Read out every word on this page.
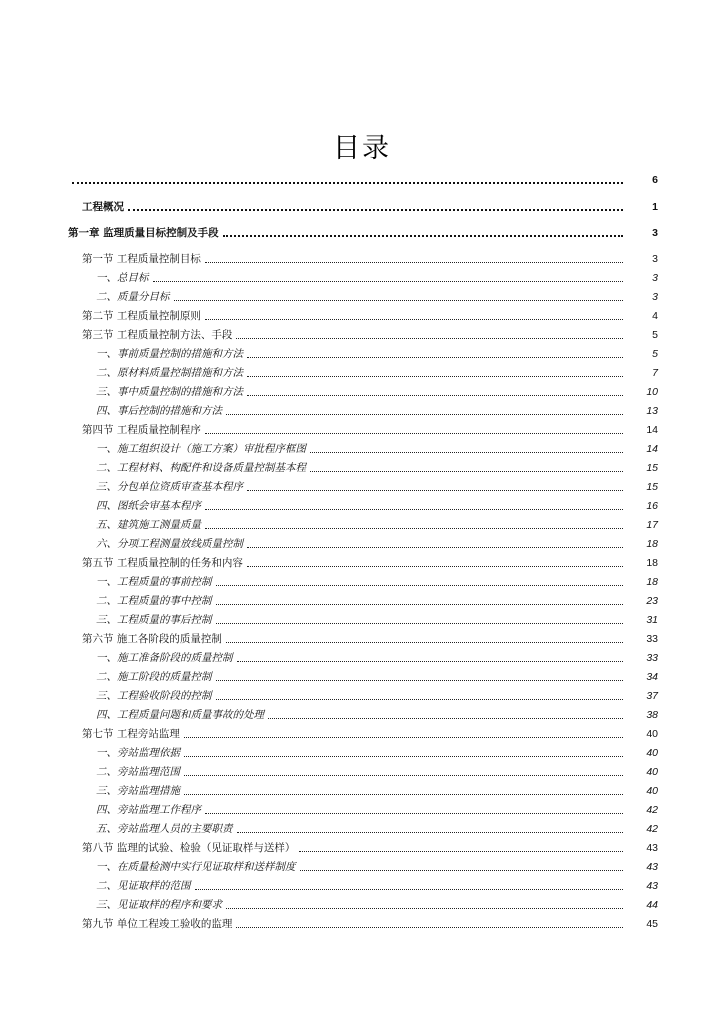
目录
6
工程概况	1
第一章 监理质量目标控制及手段	3
第一节 工程质量控制目标	3
一、总目标	3
二、质量分目标	3
第二节 工程质量控制原则	4
第三节 工程质量控制方法、手段	5
一、事前质量控制的措施和方法	5
二、原材料质量控制措施和方法	7
三、事中质量控制的措施和方法	10
四、事后控制的措施和方法	13
第四节 工程质量控制程序	14
一、施工组织设计（施工方案）审批程序框图	14
二、工程材料、构配件和设备质量控制基本程	15
三、分包单位资质审查基本程序	15
四、图纸会审基本程序	16
五、建筑施工测量质量	17
六、分项工程测量放线质量控制	18
第五节 工程质量控制的任务和内容	18
一、工程质量的事前控制	18
二、工程质量的事中控制	23
三、工程质量的事后控制	31
第六节 施工各阶段的质量控制	33
一、施工准备阶段的质量控制	33
二、施工阶段的质量控制	34
三、工程验收阶段的控制	37
四、工程质量问题和质量事故的处理	38
第七节 工程旁站监理	40
一、旁站监理依据	40
二、旁站监理范围	40
三、旁站监理措施	40
四、旁站监理工作程序	42
五、旁站监理人员的主要职责	42
第八节 监理的试验、检验（见证取样与送样）	43
一、在质量检测中实行见证取样和送样制度	43
二、见证取样的范围	43
三、见证取样的程序和要求	44
第九节 单位工程竣工验收的监理	45
